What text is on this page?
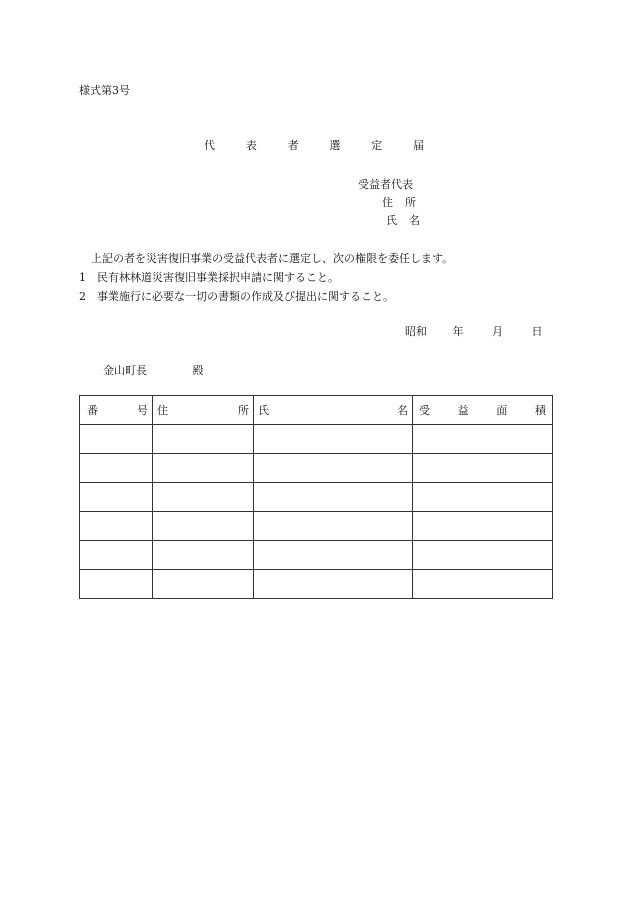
様式第3号
代	表	者	選	定	届
受益者代表
住 所
氏 名
上記の者を災害復旧事業の受益代表者に選定し、次の権限を委任します。
1　民有林林道災害復旧事業採択申請に関すること。
2　事業施行に必要な一切の書類の作成及び提出に関すること。
昭和 年	月	日
金山町長	殿
番 号	住 所	氏 名	受 益 面 積
